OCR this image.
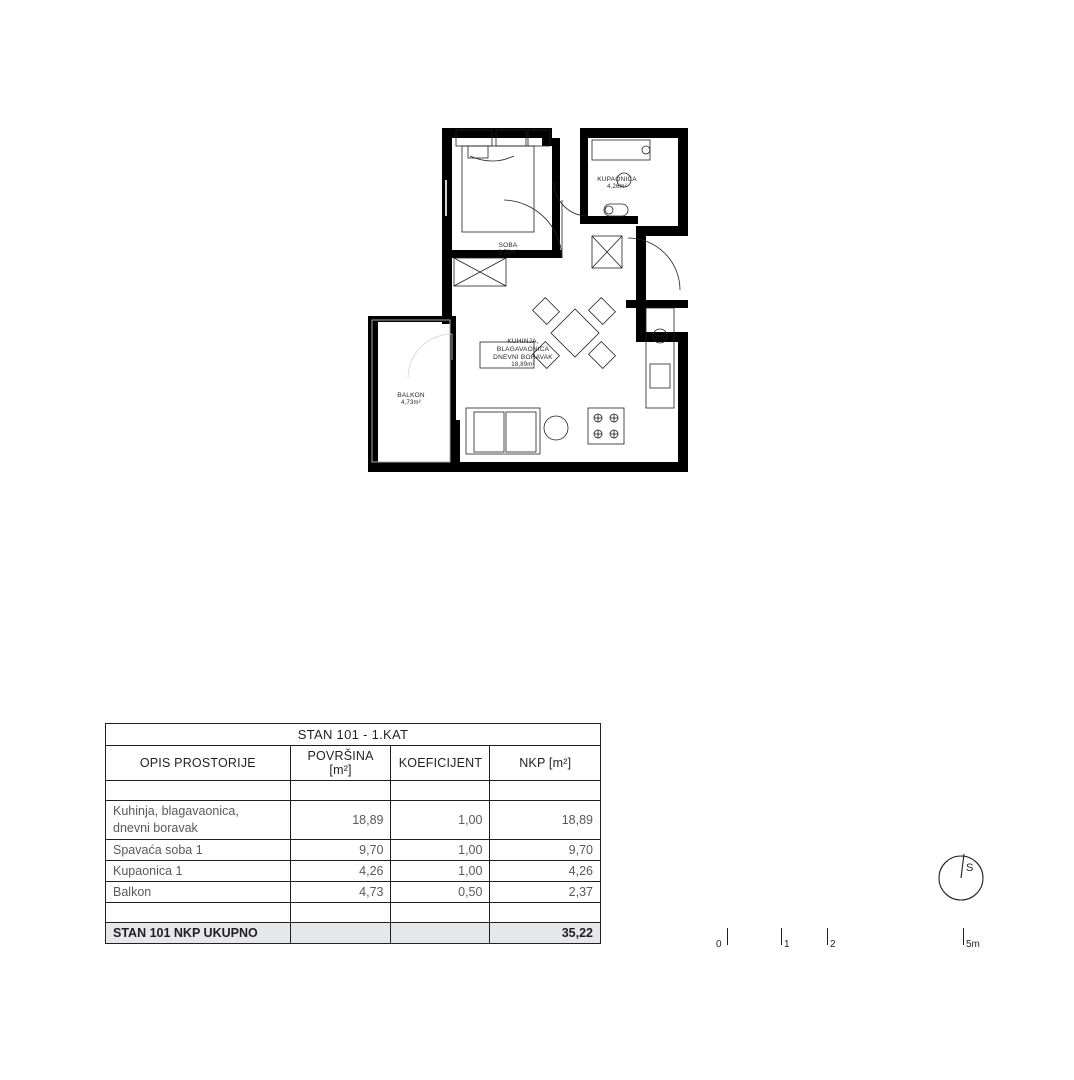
SOBA
9.70m²
KUPAONICA
4,26m²
KUHINJA,
BLAGAVAONICA
DNEVNI BORAVAK
18,89m²
BALKON
4,73m²
STAN 101 - 1.KAT			
OPIS PROSTORIJE	POVRŠINA [m²]	KOEFICIJENT	NKP [m²]

Kuhinja, blagavaonica,
dnevni boravak	18,89	1,00	18,89
Spavaća soba 1	9,70	1,00	9,70
Kupaonica 1	4,26	1,00	4,26
Balkon	4,73	0,50	2,37

STAN 101 NKP UKUPNO			35,22
S
0	1	2	5m
